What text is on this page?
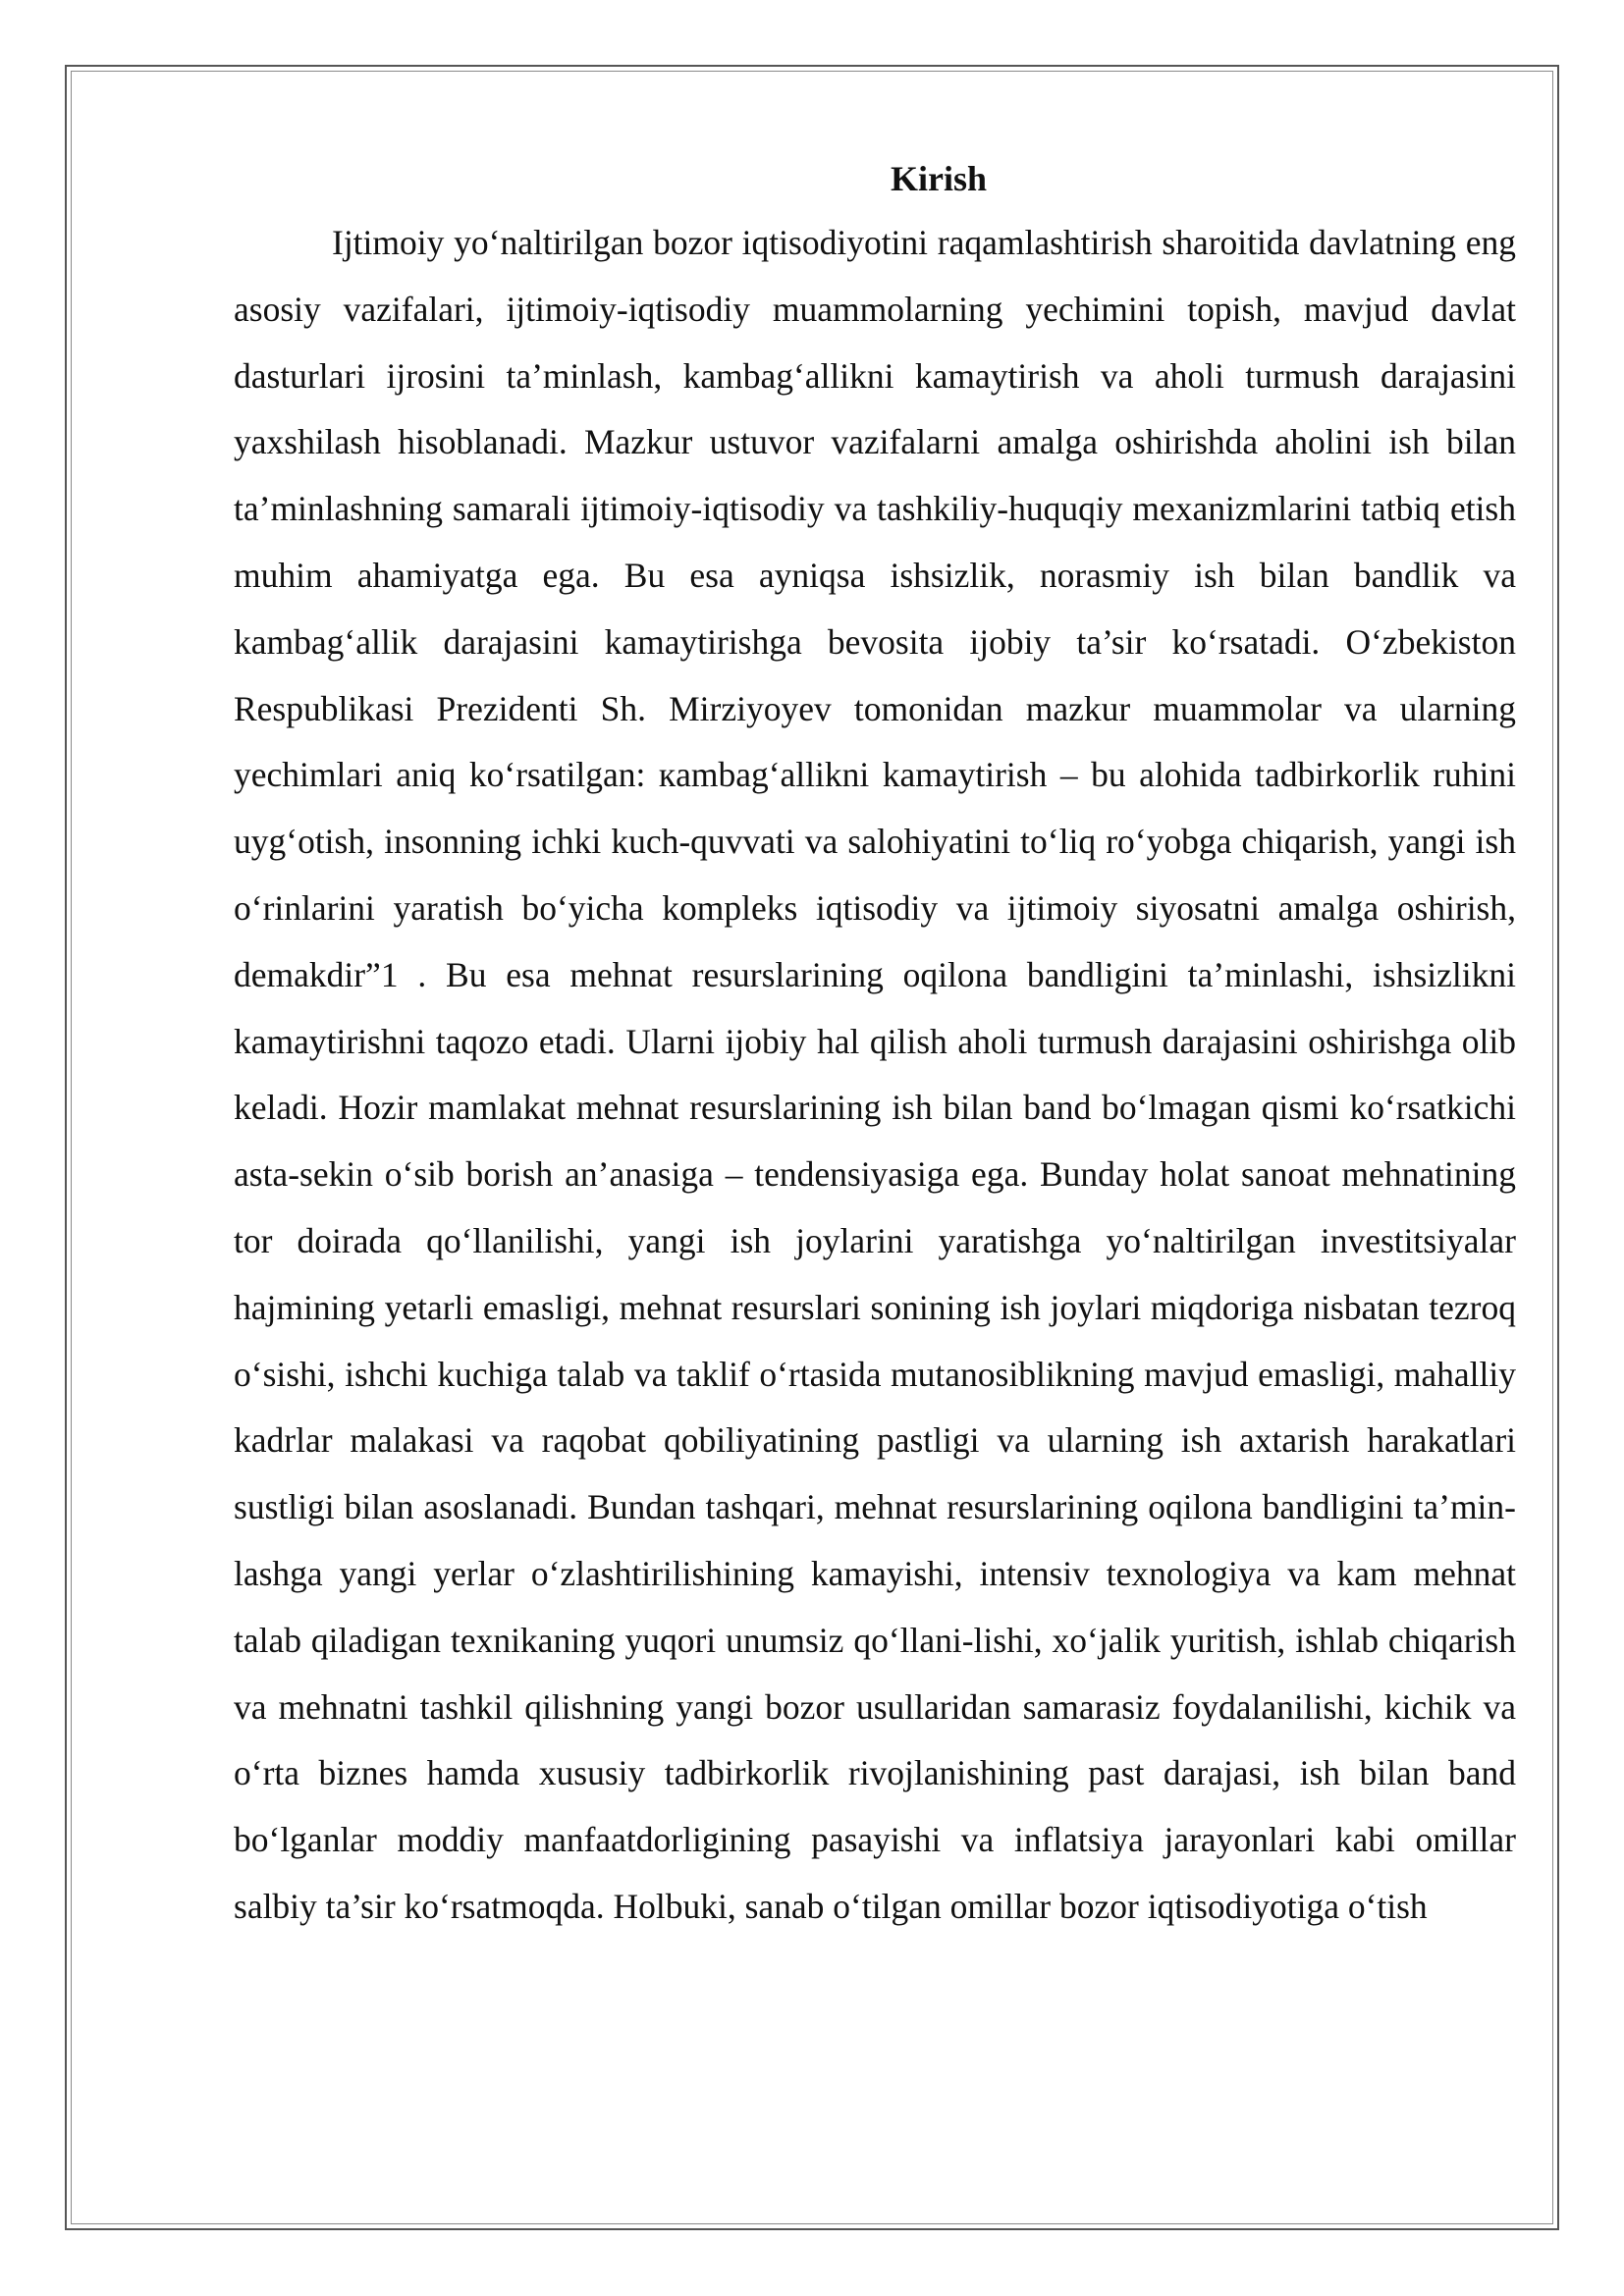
Kirish

Ijtimoiy yo‘naltirilgan bozor iqtisodiyotini raqamlashtirish sharoitida davlatning eng asosiy vazifalari, ijtimoiy-iqtisodiy muammolarning yechimini topish, mavjud davlat dasturlari ijrosini ta’minlash, kambag‘allikni kamaytirish va aholi turmush darajasini yaxshilash hisoblanadi. Mazkur ustuvor vazifalarni amalga oshirishda aholini ish bilan ta’minlashning samarali ijtimoiy-iqtisodiy va tashkiliy-huquqiy mexanizmlarini tatbiq etish muhim ahamiyatga ega. Bu esa ayniqsa ishsizlik, norasmiy ish bilan bandlik va kambag‘allik darajasini kamaytirishga bevosita ijobiy ta’sir ko‘rsatadi. O‘zbekiston Respublikasi Prezidenti Sh. Mirziyoyev tomonidan mazkur muammolar va ularning yechimlari aniq ko‘rsatilgan: кambag‘allikni kamaytirish – bu alohida tadbirkorlik ruhini uyg‘otish, insonning ichki kuch-quvvati va salohiyatini to‘liq ro‘yobga chiqarish, yangi ish o‘rinlarini yaratish bo‘yicha kompleks iqtisodiy va ijtimoiy siyosatni amalga oshirish, demakdir”1 . Bu esa mehnat resurslarining oqilona bandligini ta’minlashi, ishsizlikni kamaytirishni taqozo etadi. Ularni ijobiy hal qilish aholi turmush darajasini oshirishga olib keladi. Hozir mamlakat mehnat resurslarining ish bilan band bo‘lmagan qismi ko‘rsatkichi asta-sekin o‘sib borish an’anasiga – tendensiyasiga ega. Bunday holat sanoat mehnatining tor doirada qo‘llanilishi, yangi ish joylarini yaratishga yo‘naltirilgan investitsiyalar hajmining yetarli emasligi, mehnat resurslari sonining ish joylari miqdoriga nisbatan tezroq o‘sishi, ishchi kuchiga talab va taklif o‘rtasida mutanosiblikning mavjud emasligi, mahalliy kadrlar malakasi va raqobat qobiliyatining pastligi va ularning ish axtarish harakatlari sustligi bilan asoslanadi. Bundan tashqari, mehnat resurslarining oqilona bandligini ta’min-lashga yangi yerlar o‘zlashtirilishining kamayishi, intensiv texnologiya va kam mehnat talab qiladigan texnikaning yuqori unumsiz qo‘llani-lishi, xo‘jalik yuritish, ishlab chiqarish va mehnatni tashkil qilishning yangi bozor usullaridan samarasiz foydalanilishi, kichik va o‘rta biznes hamda xususiy tadbirkorlik rivojlanishining past darajasi, ish bilan band bo‘lganlar moddiy manfaatdorligining pasayishi va inflatsiya jarayonlari kabi omillar salbiy ta’sir ko‘rsatmoqda. Holbuki, sanab o‘tilgan omillar bozor iqtisodiyotiga o‘tish
